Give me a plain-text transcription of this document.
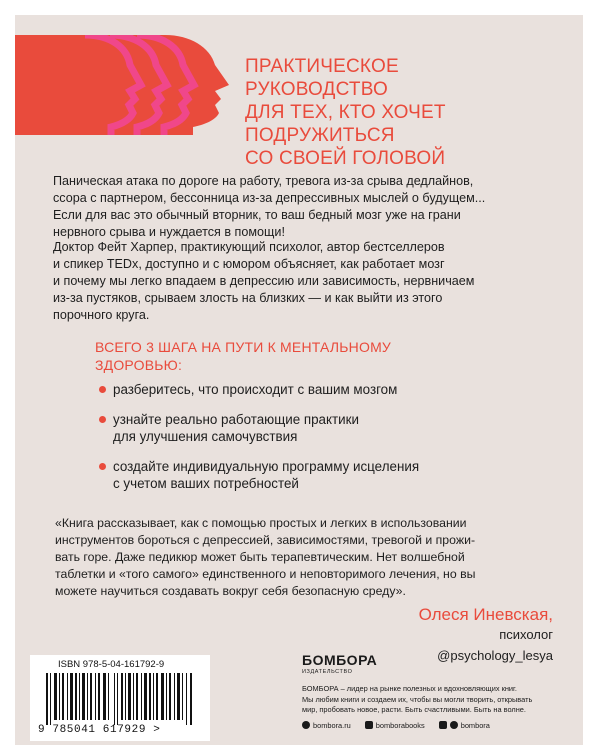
ПРАКТИЧЕСКОЕ
РУКОВОДСТВО
ДЛЯ ТЕХ, КТО ХОЧЕТ
ПОДРУЖИТЬСЯ
СО СВОЕЙ ГОЛОВОЙ
Паническая атака по дороге на работу, тревога из-за срыва дедлайнов,
ссора с партнером, бессонница из-за депрессивных мыслей о будущем...
Если для вас это обычный вторник, то ваш бедный мозг уже на грани
нервного срыва и нуждается в помощи!
Доктор Фейт Харпер, практикующий психолог, автор бестселлеров
и спикер TEDx, доступно и с юмором объясняет, как работает мозг
и почему мы легко впадаем в депрессию или зависимость, нервничаем
из-за пустяков, срываем злость на близких — и как выйти из этого
порочного круга.
ВСЕГО 3 ШАГА НА ПУТИ К МЕНТАЛЬНОМУ
ЗДОРОВЬЮ:
разберитесь, что происходит с вашим мозгом
узнайте реально работающие практики
для улучшения самочувствия
создайте индивидуальную программу исцеления
с учетом ваших потребностей
«Книга рассказывает, как с помощью простых и легких в использовании
инструментов бороться с депрессией, зависимостями, тревогой и прожи-
вать горе. Даже педикюр может быть терапевтическим. Нет волшебной
таблетки и «того самого» единственного и неповторимого лечения, но вы
можете научиться создавать вокруг себя безопасную среду».
Олеся Иневская,
психолог
@psychology_lesya
ISBN 978-5-04-161792-9
9 785041 617929 >
БОМБОРА
ИЗДАТЕЛЬСТВО
БОМБОРА – лидер на рынке полезных и вдохновляющих книг.
Мы любим книги и создаем их, чтобы вы могли творить, открывать
мир, пробовать новое, расти. Быть счастливыми. Быть на волне.
bombora.ru	bomborabooks	bombora
